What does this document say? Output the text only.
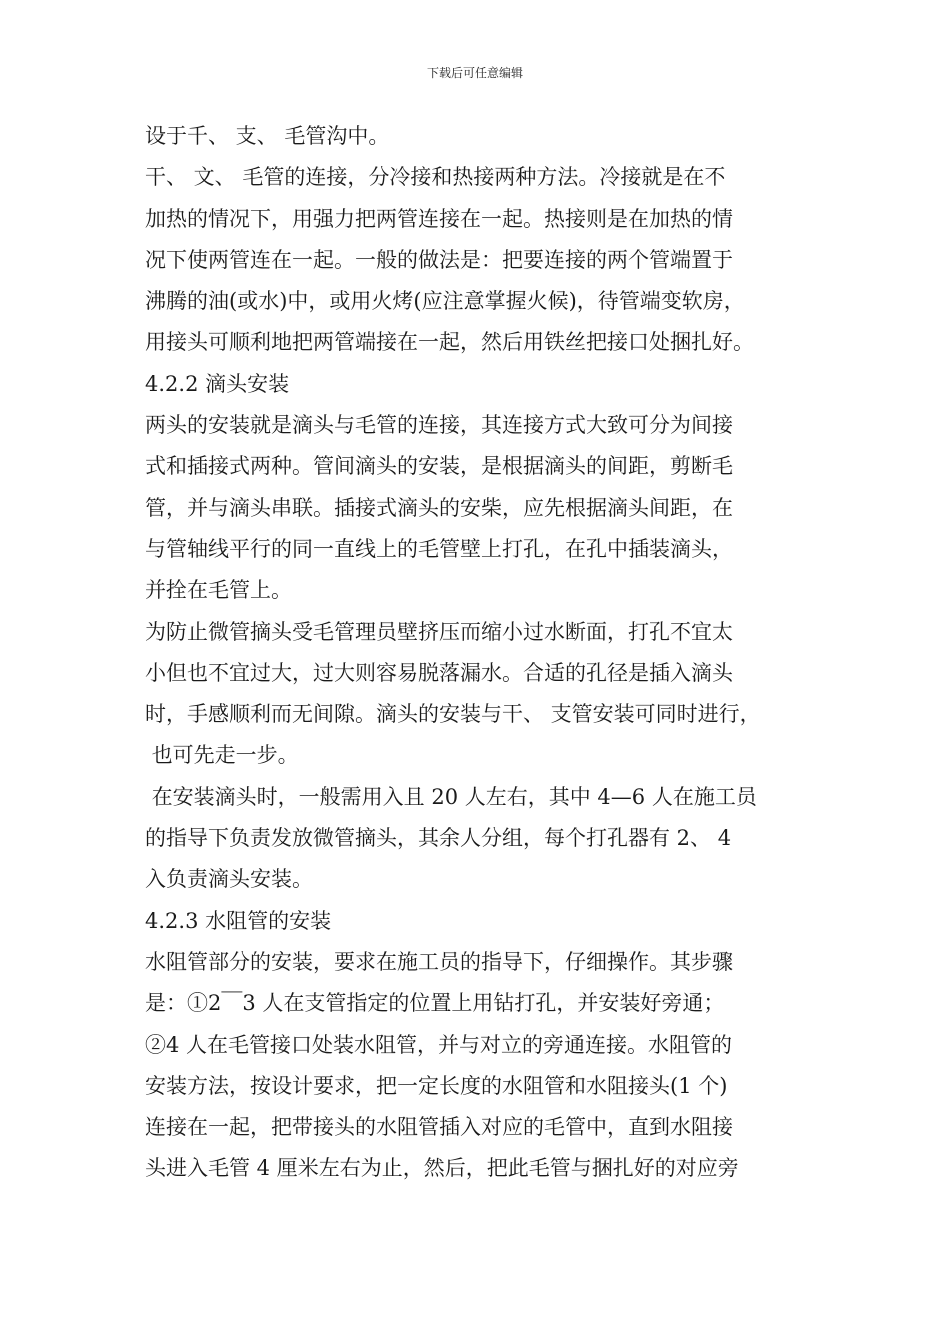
下载后可任意编辑
设于千、 支、 毛管沟中。
干、 文、 毛管的连接，分冷接和热接两种方法。冷接就是在不
加热的情况下，用强力把两管连接在一起。热接则是在加热的情
况下使两管连在一起。一般的做法是：把要连接的两个管端置于
沸腾的油(或水)中，或用火烤(应注意掌握火候)，待管端变软房，
用接头可顺利地把两管端接在一起，然后用铁丝把接口处捆扎好。
4.2.2 滴头安装
两头的安装就是滴头与毛管的连接，其连接方式大致可分为间接
式和插接式两种。管间滴头的安装，是根据滴头的间距，剪断毛
管，并与滴头串联。插接式滴头的安柴，应先根据滴头间距，在
与管轴线平行的同一直线上的毛管壁上打孔，在孔中插装滴头，
并拴在毛管上。
为防止微管摘头受毛管理员壁挤压而缩小过水断面，打孔不宜太
小但也不宜过大，过大则容易脱落漏水。合适的孔径是插入滴头
时，手感顺利而无间隙。滴头的安装与干、 支管安装可同时进行，
也可先走一步。
在安装滴头时，一般需用入且 20 人左右，其中 4—6 人在施工员
的指导下负责发放微管摘头，其余人分组，每个打孔器有 2、 4
入负责滴头安装。
4.2.3 水阻管的安装
水阻管部分的安装，要求在施工员的指导下，仔细操作。其步骤
是：①2￣3 人在支管指定的位置上用钻打孔，并安装好旁通；
②4 人在毛管接口处装水阻管，并与对立的旁通连接。水阻管的
安装方法，按设计要求，把一定长度的水阻管和水阻接头(1 个)
连接在一起，把带接头的水阻管插入对应的毛管中，直到水阻接
头进入毛管 4 厘米左右为止，然后，把此毛管与捆扎好的对应旁
